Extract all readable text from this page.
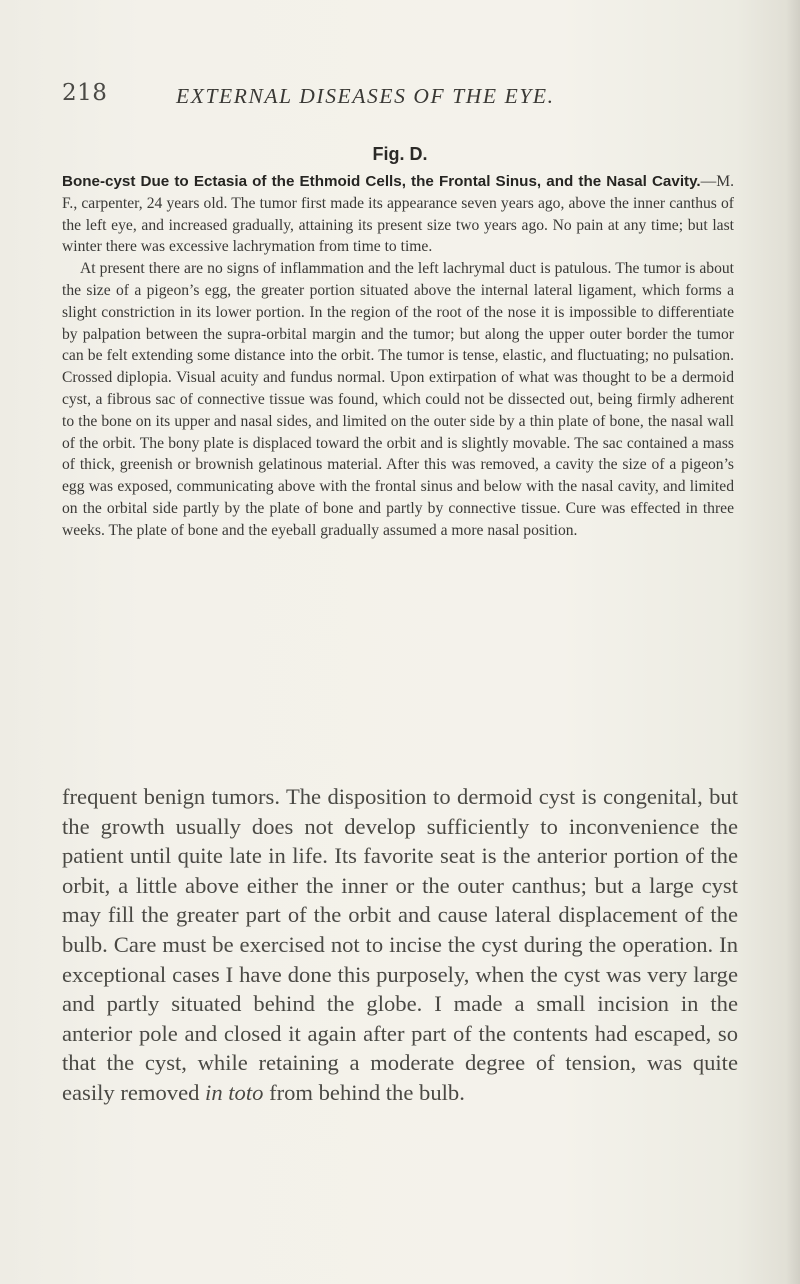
218	EXTERNAL DISEASES OF THE EYE.
Fig. D.

Bone-cyst Due to Ectasia of the Ethmoid Cells, the Frontal Sinus, and the Nasal Cavity.—M. F., carpenter, 24 years old. The tumor first made its appearance seven years ago, above the inner canthus of the left eye, and increased gradually, attaining its present size two years ago. No pain at any time; but last winter there was excessive lachrymation from time to time.

At present there are no signs of inflammation and the left lachrymal duct is patulous. The tumor is about the size of a pigeon’s egg, the greater portion situated above the internal lateral ligament, which forms a slight constriction in its lower portion. In the region of the root of the nose it is impossible to differentiate by palpation between the supra-orbital margin and the tumor; but along the upper outer border the tumor can be felt extending some distance into the orbit. The tumor is tense, elastic, and fluctuating; no pulsation. Crossed diplopia. Visual acuity and fundus normal. Upon extirpation of what was thought to be a dermoid cyst, a fibrous sac of connective tissue was found, which could not be dissected out, being firmly adherent to the bone on its upper and nasal sides, and limited on the outer side by a thin plate of bone, the nasal wall of the orbit. The bony plate is displaced toward the orbit and is slightly movable. The sac contained a mass of thick, greenish or brownish gelatinous material. After this was removed, a cavity the size of a pigeon’s egg was exposed, communicating above with the frontal sinus and below with the nasal cavity, and limited on the orbital side partly by the plate of bone and partly by connective tissue. Cure was effected in three weeks. The plate of bone and the eyeball gradually assumed a more nasal position.

frequent benign tumors. The disposition to dermoid cyst is congenital, but the growth usually does not develop sufficiently to inconvenience the patient until quite late in life. Its favorite seat is the anterior portion of the orbit, a little above either the inner or the outer canthus; but a large cyst may fill the greater part of the orbit and cause lateral displacement of the bulb. Care must be exercised not to incise the cyst during the operation. In exceptional cases I have done this purposely, when the cyst was very large and partly situated behind the globe. I made a small incision in the anterior pole and closed it again after part of the contents had escaped, so that the cyst, while retaining a moderate degree of tension, was quite easily removed in toto from behind the bulb.
